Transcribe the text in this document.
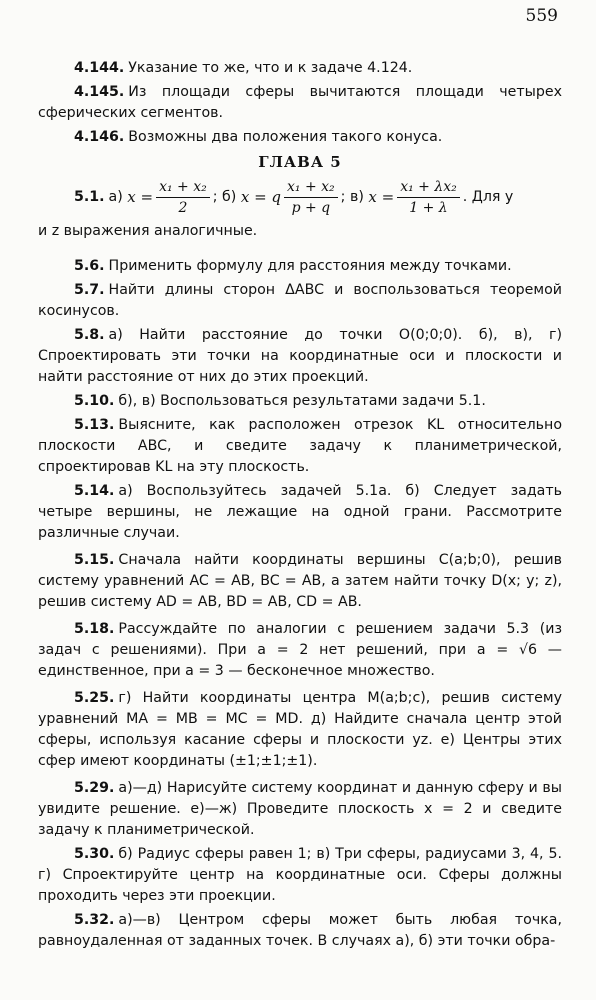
559

4.144. Указание то же, что и к задаче 4.124.

4.145. Из площади сферы вычитаются площади четырех сферических сегментов.

4.146. Возможны два положения такого конуса.

ГЛАВА 5
5.1. а)
$x = \frac{\text{x₁ + x₂}}{2}$ ;
б)
x = q $\frac{\text{x₁ + x₂}}{p + q}$ ;
в)
$x = \frac{\text{x₁ + λx₂}}{1 + \lambda}$ . Для y

и z выражения аналогичные.

5.6. Применить формулу для расстояния между точками.

5.7. Найти длины сторон ΔABC и воспользоваться теоремой косинусов.

5.8. а) Найти расстояние до точки O(0;0;0). б), в), г) Спроектировать эти точки на координатные оси и плоскости и найти расстояние от них до этих проекций.

5.10. б), в) Воспользоваться результатами задачи 5.1.

5.13. Выясните, как расположен отрезок KL относительно плоскости ABC, и сведите задачу к планиметрической, спроектировав KL на эту плоскость.

5.14. а) Воспользуйтесь задачей 5.1а. б) Следует задать четыре вершины, не лежащие на одной грани. Рассмотрите различные случаи.

5.15. Сначала найти координаты вершины C(a;b;0), решив систему уравнений AC = AB, BC = AB, а затем найти точку D(x; y; z), решив систему AD = AB, BD = AB, CD = AB.

5.18. Рассуждайте по аналогии с решением задачи 5.3 (из задач с решениями). При a = 2 нет решений, при a = √6 — единственное, при a = 3 — бесконечное множество.

5.25. г) Найти координаты центра M(a;b;c), решив систему уравнений MA = MB = MC = MD. д) Найдите сначала центр этой сферы, используя касание сферы и плоскости yz. е) Центры этих сфер имеют координаты (±1;±1;±1).

5.29. а)—д) Нарисуйте систему координат и данную сферу и вы увидите решение. е)—ж) Проведите плоскость x = 2 и сведите задачу к планиметрической.

5.30. б) Радиус сферы равен 1; в) Три сферы, радиусами 3, 4, 5. г) Спроектируйте центр на координатные оси. Сферы должны проходить через эти проекции.

5.32. а)—в) Центром сферы может быть любая точка, равноудаленная от заданных точек. В случаях а), б) эти точки обра-
